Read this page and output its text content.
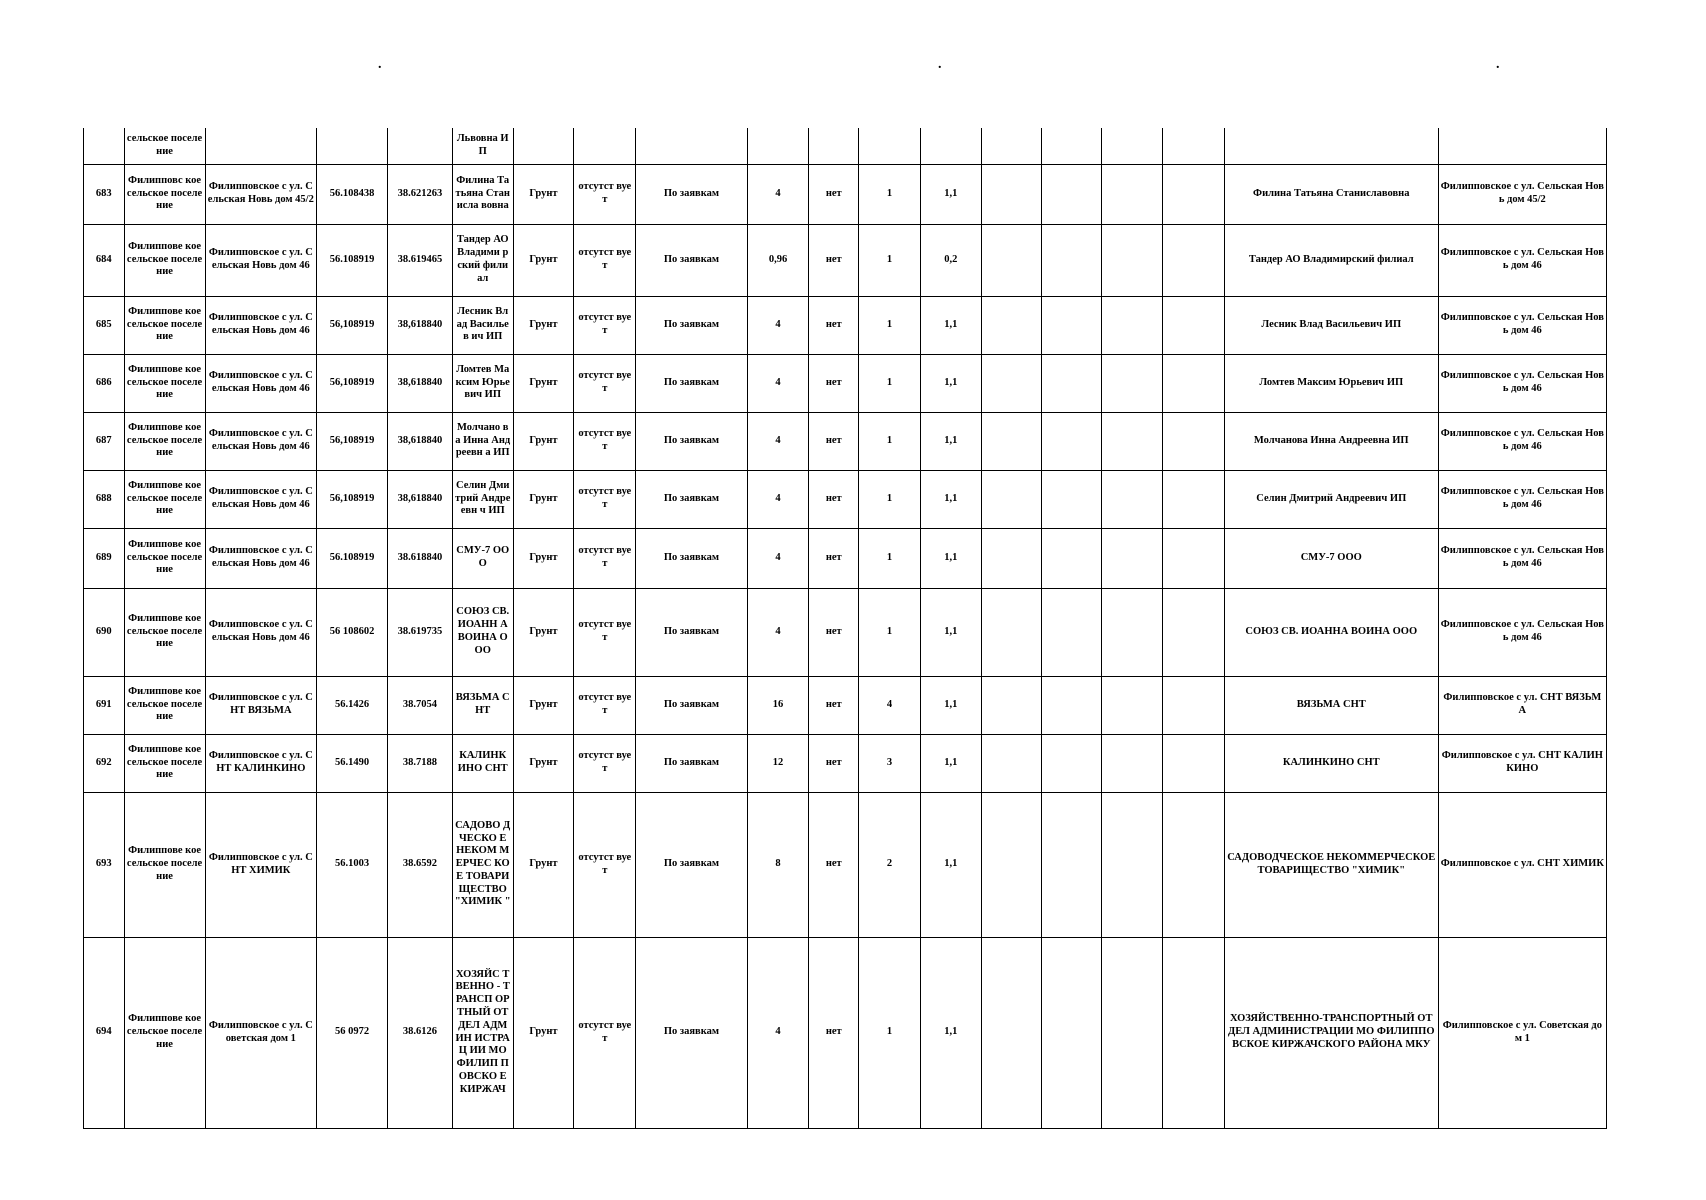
.	.	.
	сельское поселение				Львовна ИП													
683	Филипповс кое сельское поселение	Филипповское с ул. Сельская Новь дом 45/2	56.108438	38.621263	Филина Татьяна Станисла вовна	Грунт	отсутст вует	По заявкам	4	нет	1	1,1					Филина Татьяна Станиславовна	Филипповское с ул. Сельская Новь дом 45/2
684	Филиппове кое сельское поселение	Филипповское с ул. Сельская Новь дом 46	56.108919	38.619465	Тандер АО Владими рский филиал	Грунт	отсутст вует	По заявкам	0,96	нет	1	0,2					Тандер АО Владимирский филиал	Филипповское с ул. Сельская Новь дом 46
685	Филиппове кое сельское поселение	Филипповское с ул. Сельская Новь дом 46	56,108919	38,618840	Лесник Влад Васильев ич ИП	Грунт	отсутст вует	По заявкам	4	нет	1	1,1					Лесник Влад Васильевич ИП	Филипповское с ул. Сельская Новь дом 46
686	Филиппове кое сельское поселение	Филипповское с ул. Сельская Новь дом 46	56,108919	38,618840	Ломтев Максим Юрьевич ИП	Грунт	отсутст вует	По заявкам	4	нет	1	1,1					Ломтев Максим Юрьевич ИП	Филипповское с ул. Сельская Новь дом 46
687	Филиппове кое сельское поселение	Филипповское с ул. Сельская Новь дом 46	56,108919	38,618840	Молчано ва Инна Андреевн а ИП	Грунт	отсутст вует	По заявкам	4	нет	1	1,1					Молчанова Инна Андреевна ИП	Филипповское с ул. Сельская Новь дом 46
688	Филиппове кое сельское поселение	Филипповское с ул. Сельская Новь дом 46	56,108919	38,618840	Селин Дмитрий Андреевн ч ИП	Грунт	отсутст вует	По заявкам	4	нет	1	1,1					Селин Дмитрий Андреевич ИП	Филипповское с ул. Сельская Новь дом 46
689	Филиппове кое сельское поселение	Филипповское с ул. Сельская Новь дом 46	56.108919	38.618840	СМУ-7 ООО	Грунт	отсутст вует	По заявкам	4	нет	1	1,1					СМУ-7 ООО	Филипповское с ул. Сельская Новь дом 46
690	Филиппове кое сельское поселение	Филипповское с ул. Сельская Новь дом 46	56 108602	38.619735	СОЮЗ СВ. ИОАНН А ВОИНА ООО	Грунт	отсутст вует	По заявкам	4	нет	1	1,1					СОЮЗ СВ. ИОАННА ВОИНА ООО	Филипповское с ул. Сельская Новь дом 46
691	Филиппове кое сельское поселение	Филипповское с ул. СНТ ВЯЗЬМА	56.1426	38.7054	ВЯЗЬМА СНТ	Грунт	отсутст вует	По заявкам	16	нет	4	1,1					ВЯЗЬМА СНТ	Филипповское с ул. СНТ ВЯЗЬМА
692	Филиппове кое сельское поселение	Филипповское с ул. СНТ КАЛИНКИНО	56.1490	38.7188	КАЛИНК ИНО СНТ	Грунт	отсутст вует	По заявкам	12	нет	3	1,1					КАЛИНКИНО СНТ	Филипповское с ул. СНТ КАЛИНКИНО
693	Филиппове кое сельское поселение	Филипповское с ул. СНТ ХИМИК	56.1003	38.6592	САДОВО ДЧЕСКО Е НЕКОМ МЕРЧЕС КОЕ ТОВАРИ ЩЕСТВО "ХИМИК "	Грунт	отсутст вует	По заявкам	8	нет	2	1,1					САДОВОДЧЕСКОЕ НЕКОММЕРЧЕСКОЕ ТОВАРИЩЕСТВО "ХИМИК"	Филипповское с ул. СНТ ХИМИК
694	Филиппове кое сельское поселение	Филипповское с ул. Советская дом 1	56 0972	38.6126	ХОЗЯЙС ТВЕННО - ТРАНСП ОРТНЫЙ ОТДЕЛ АДМИН ИСТРАЦ ИИ МО ФИЛИП ПОВСКО Е КИРЖАЧ	Грунт	отсутст вует	По заявкам	4	нет	1	1,1					ХОЗЯЙСТВЕННО-ТРАНСПОРТНЫЙ ОТДЕЛ АДМИНИСТРАЦИИ МО ФИЛИППОВСКОЕ КИРЖАЧСКОГО РАЙОНА МКУ	Филипповское с ул. Советская дом 1
